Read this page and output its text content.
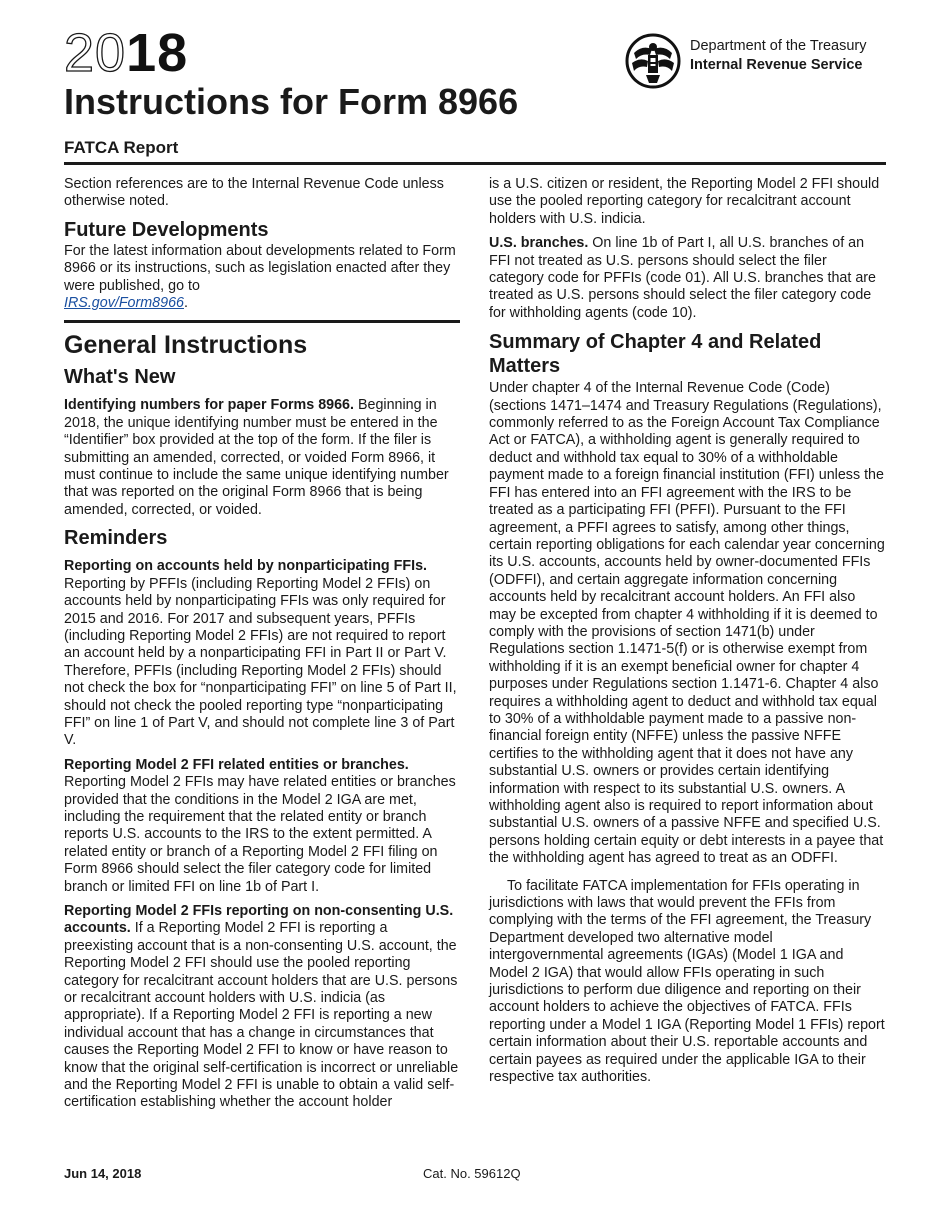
2018
Instructions for Form 8966
FATCA Report
Department of the Treasury
Internal Revenue Service

Section references are to the Internal Revenue Code unless otherwise noted.

Future Developments

For the latest information about developments related to Form 8966 or its instructions, such as legislation enacted after they were published, go to
IRS.gov/Form8966.

General Instructions
What's New

Identifying numbers for paper Forms 8966. Beginning in 2018, the unique identifying number must be entered in the “Identifier” box provided at the top of the form. If the filer is submitting an amended, corrected, or voided Form 8966, it must continue to include the same unique identifying number that was reported on the original Form 8966 that is being amended, corrected, or voided.

Reminders

Reporting on accounts held by nonparticipating FFIs. Reporting by PFFIs (including Reporting Model 2 FFIs) on accounts held by nonparticipating FFIs was only required for 2015 and 2016. For 2017 and subsequent years, PFFIs (including Reporting Model 2 FFIs) are not required to report an account held by a nonparticipating FFI in Part II or Part V. Therefore, PFFIs (including Reporting Model 2 FFIs) should not check the box for “nonparticipating FFI” on line 5 of Part II, should not check the pooled reporting type “nonparticipating FFI” on line 1 of Part V, and should not complete line 3 of Part V.

Reporting Model 2 FFI related entities or branches. Reporting Model 2 FFIs may have related entities or branches provided that the conditions in the Model 2 IGA are met, including the requirement that the related entity or branch reports U.S. accounts to the IRS to the extent permitted. A related entity or branch of a Reporting Model 2 FFI filing on Form 8966 should select the filer category code for limited branch or limited FFI on line 1b of Part I.

Reporting Model 2 FFIs reporting on non-consenting U.S. accounts. If a Reporting Model 2 FFI is reporting a preexisting account that is a non-consenting U.S. account, the Reporting Model 2 FFI should use the pooled reporting category for recalcitrant account holders that are U.S. persons or recalcitrant account holders with U.S. indicia (as appropriate). If a Reporting Model 2 FFI is reporting a new individual account that has a change in circumstances that causes the Reporting Model 2 FFI to know or have reason to know that the original self-certification is incorrect or unreliable and the Reporting Model 2 FFI is unable to obtain a valid self-certification establishing whether the account holder

is a U.S. citizen or resident, the Reporting Model 2 FFI should use the pooled reporting category for recalcitrant account holders with U.S. indicia.

U.S. branches. On line 1b of Part I, all U.S. branches of an FFI not treated as U.S. persons should select the filer category code for PFFIs (code 01). All U.S. branches that are treated as U.S. persons should select the filer category code for withholding agents (code 10).

Summary of Chapter 4 and Related Matters

Under chapter 4 of the Internal Revenue Code (Code) (sections 1471–1474 and Treasury Regulations (Regulations), commonly referred to as the Foreign Account Tax Compliance Act or FATCA), a withholding agent is generally required to deduct and withhold tax equal to 30% of a withholdable payment made to a foreign financial institution (FFI) unless the FFI has entered into an FFI agreement with the IRS to be treated as a participating FFI (PFFI). Pursuant to the FFI agreement, a PFFI agrees to satisfy, among other things, certain reporting obligations for each calendar year concerning its U.S. accounts, accounts held by owner-documented FFIs (ODFFI), and certain aggregate information concerning accounts held by recalcitrant account holders. An FFI also may be excepted from chapter 4 withholding if it is deemed to comply with the provisions of section 1471(b) under Regulations section 1.1471-5(f) or is otherwise exempt from withholding if it is an exempt beneficial owner for chapter 4 purposes under Regulations section 1.1471-6. Chapter 4 also requires a withholding agent to deduct and withhold tax equal to 30% of a withholdable payment made to a passive non-financial foreign entity (NFFE) unless the passive NFFE certifies to the withholding agent that it does not have any substantial U.S. owners or provides certain identifying information with respect to its substantial U.S. owners. A withholding agent also is required to report information about substantial U.S. owners of a passive NFFE and specified U.S. persons holding certain equity or debt interests in a payee that the withholding agent has agreed to treat as an ODFFI.

To facilitate FATCA implementation for FFIs operating in jurisdictions with laws that would prevent the FFIs from complying with the terms of the FFI agreement, the Treasury Department developed two alternative model intergovernmental agreements (IGAs) (Model 1 IGA and Model 2 IGA) that would allow FFIs operating in such jurisdictions to perform due diligence and reporting on their account holders to achieve the objectives of FATCA. FFIs reporting under a Model 1 IGA (Reporting Model 1 FFIs) report certain information about their U.S. reportable accounts and certain payees as required under the applicable IGA to their respective tax authorities.

Jun 14, 2018	Cat. No. 59612Q
